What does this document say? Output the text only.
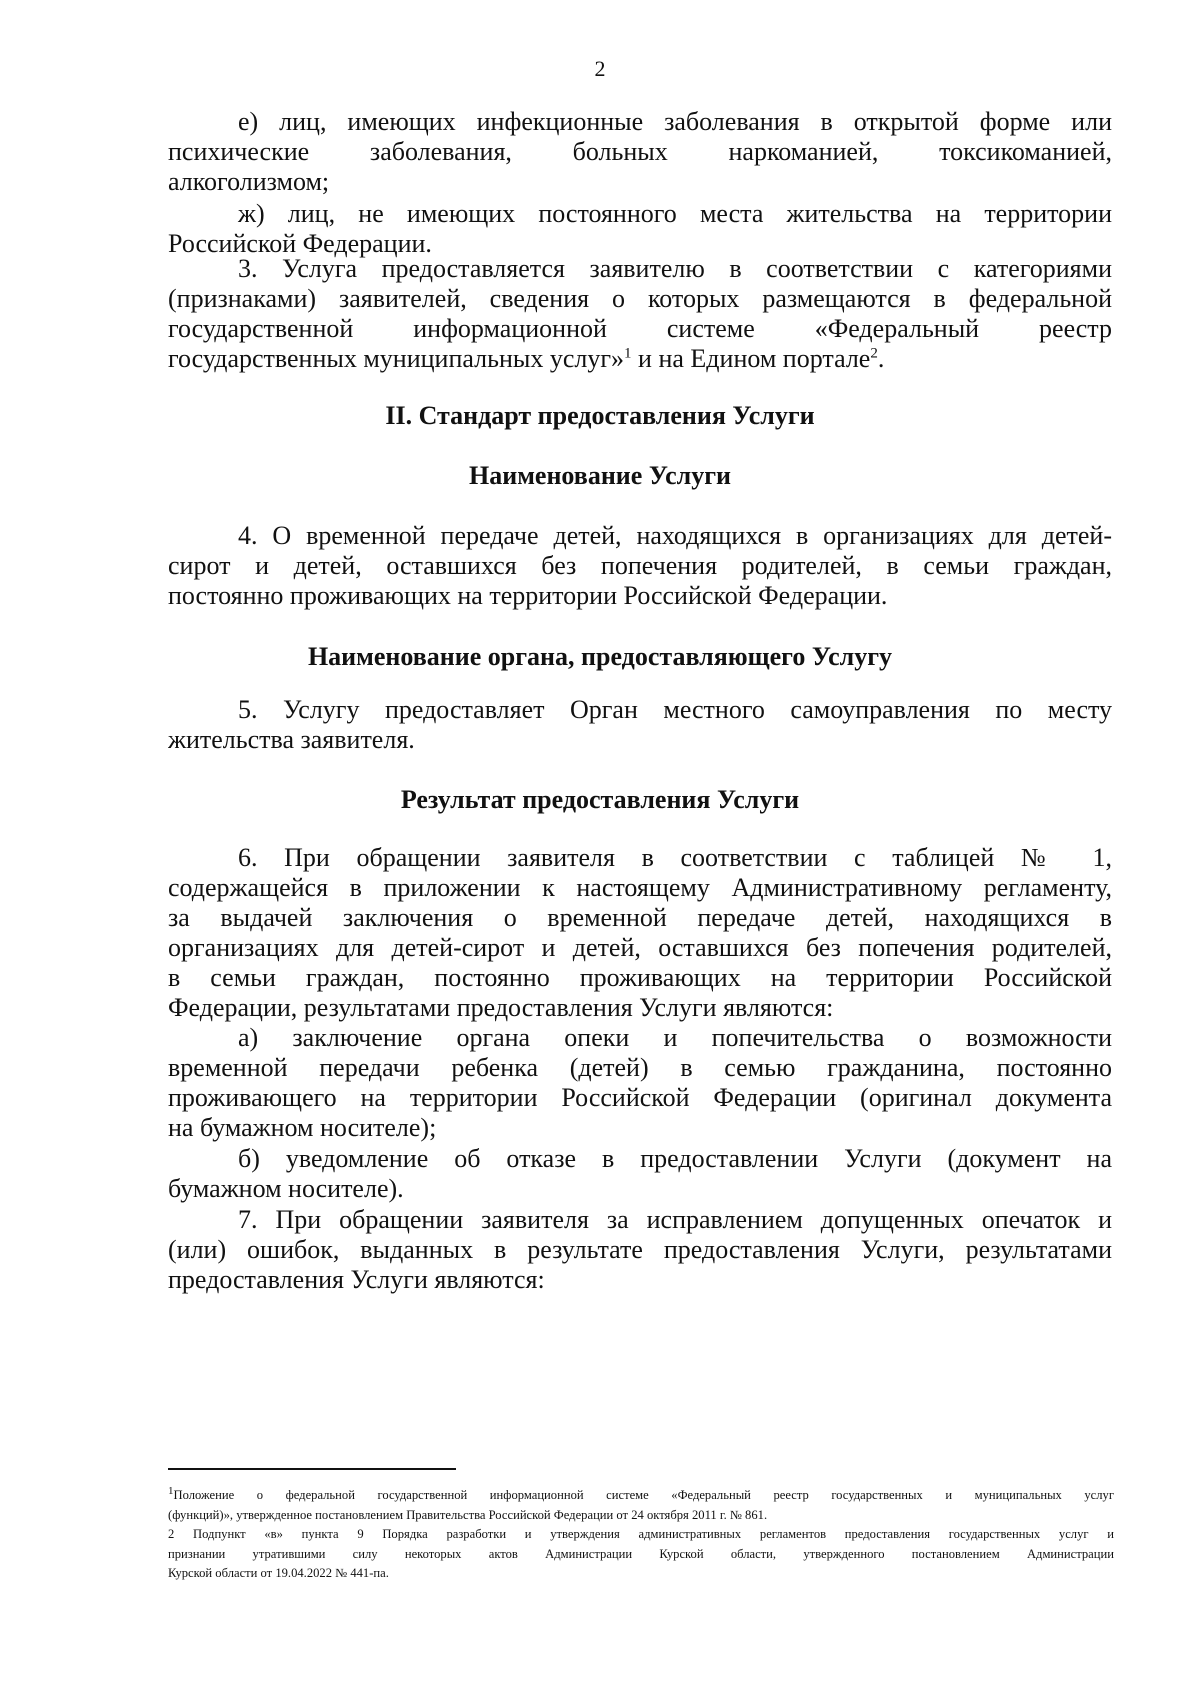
2
е) лиц, имеющих инфекционные заболевания в открытой форме или
психические заболевания, больных наркоманией, токсикоманией,
алкоголизмом;
ж) лиц, не имеющих постоянного места жительства на территории
Российской Федерации.
3. Услуга предоставляется заявителю в соответствии с категориями
(признаками) заявителей, сведения о которых размещаются в федеральной
государственной информационной системе «Федеральный реестр
государственных муниципальных услуг»$^1$ и на Едином портале$^2$.
II. Стандарт предоставления Услуги
Наименование Услуги
4. О временной передаче детей, находящихся в организациях для детей-
сирот и детей, оставшихся без попечения родителей, в семьи граждан,
постоянно проживающих на территории Российской Федерации.
Наименование органа, предоставляющего Услугу
5. Услугу предоставляет Орган местного самоуправления по месту
жительства заявителя.
Результат предоставления Услуги
6. При обращении заявителя в соответствии с таблицей № 1,
содержащейся в приложении к настоящему Административному регламенту,
за выдачей заключения о временной передаче детей, находящихся в
организациях для детей-сирот и детей, оставшихся без попечения родителей,
в семьи граждан, постоянно проживающих на территории Российской
Федерации, результатами предоставления Услуги являются:
а) заключение органа опеки и попечительства о возможности
временной передачи ребенка (детей) в семью гражданина, постоянно
проживающего на территории Российской Федерации (оригинал документа
на бумажном носителе);
б) уведомление об отказе в предоставлении Услуги (документ на
бумажном носителе).
7. При обращении заявителя за исправлением допущенных опечаток и
(или) ошибок, выданных в результате предоставления Услуги, результатами
предоставления Услуги являются:
$^1$Положение о федеральной государственной информационной системе «Федеральный реестр государственных и муниципальных услуг
(функций)», утвержденное постановлением Правительства Российской Федерации от 24 октября 2011 г. № 861.
2 Подпункт «в» пункта 9 Порядка разработки и утверждения административных регламентов предоставления государственных услуг и
признании утратившими силу некоторых актов Администрации Курской области, утвержденного постановлением Администрации
Курской области от 19.04.2022 № 441-па.
